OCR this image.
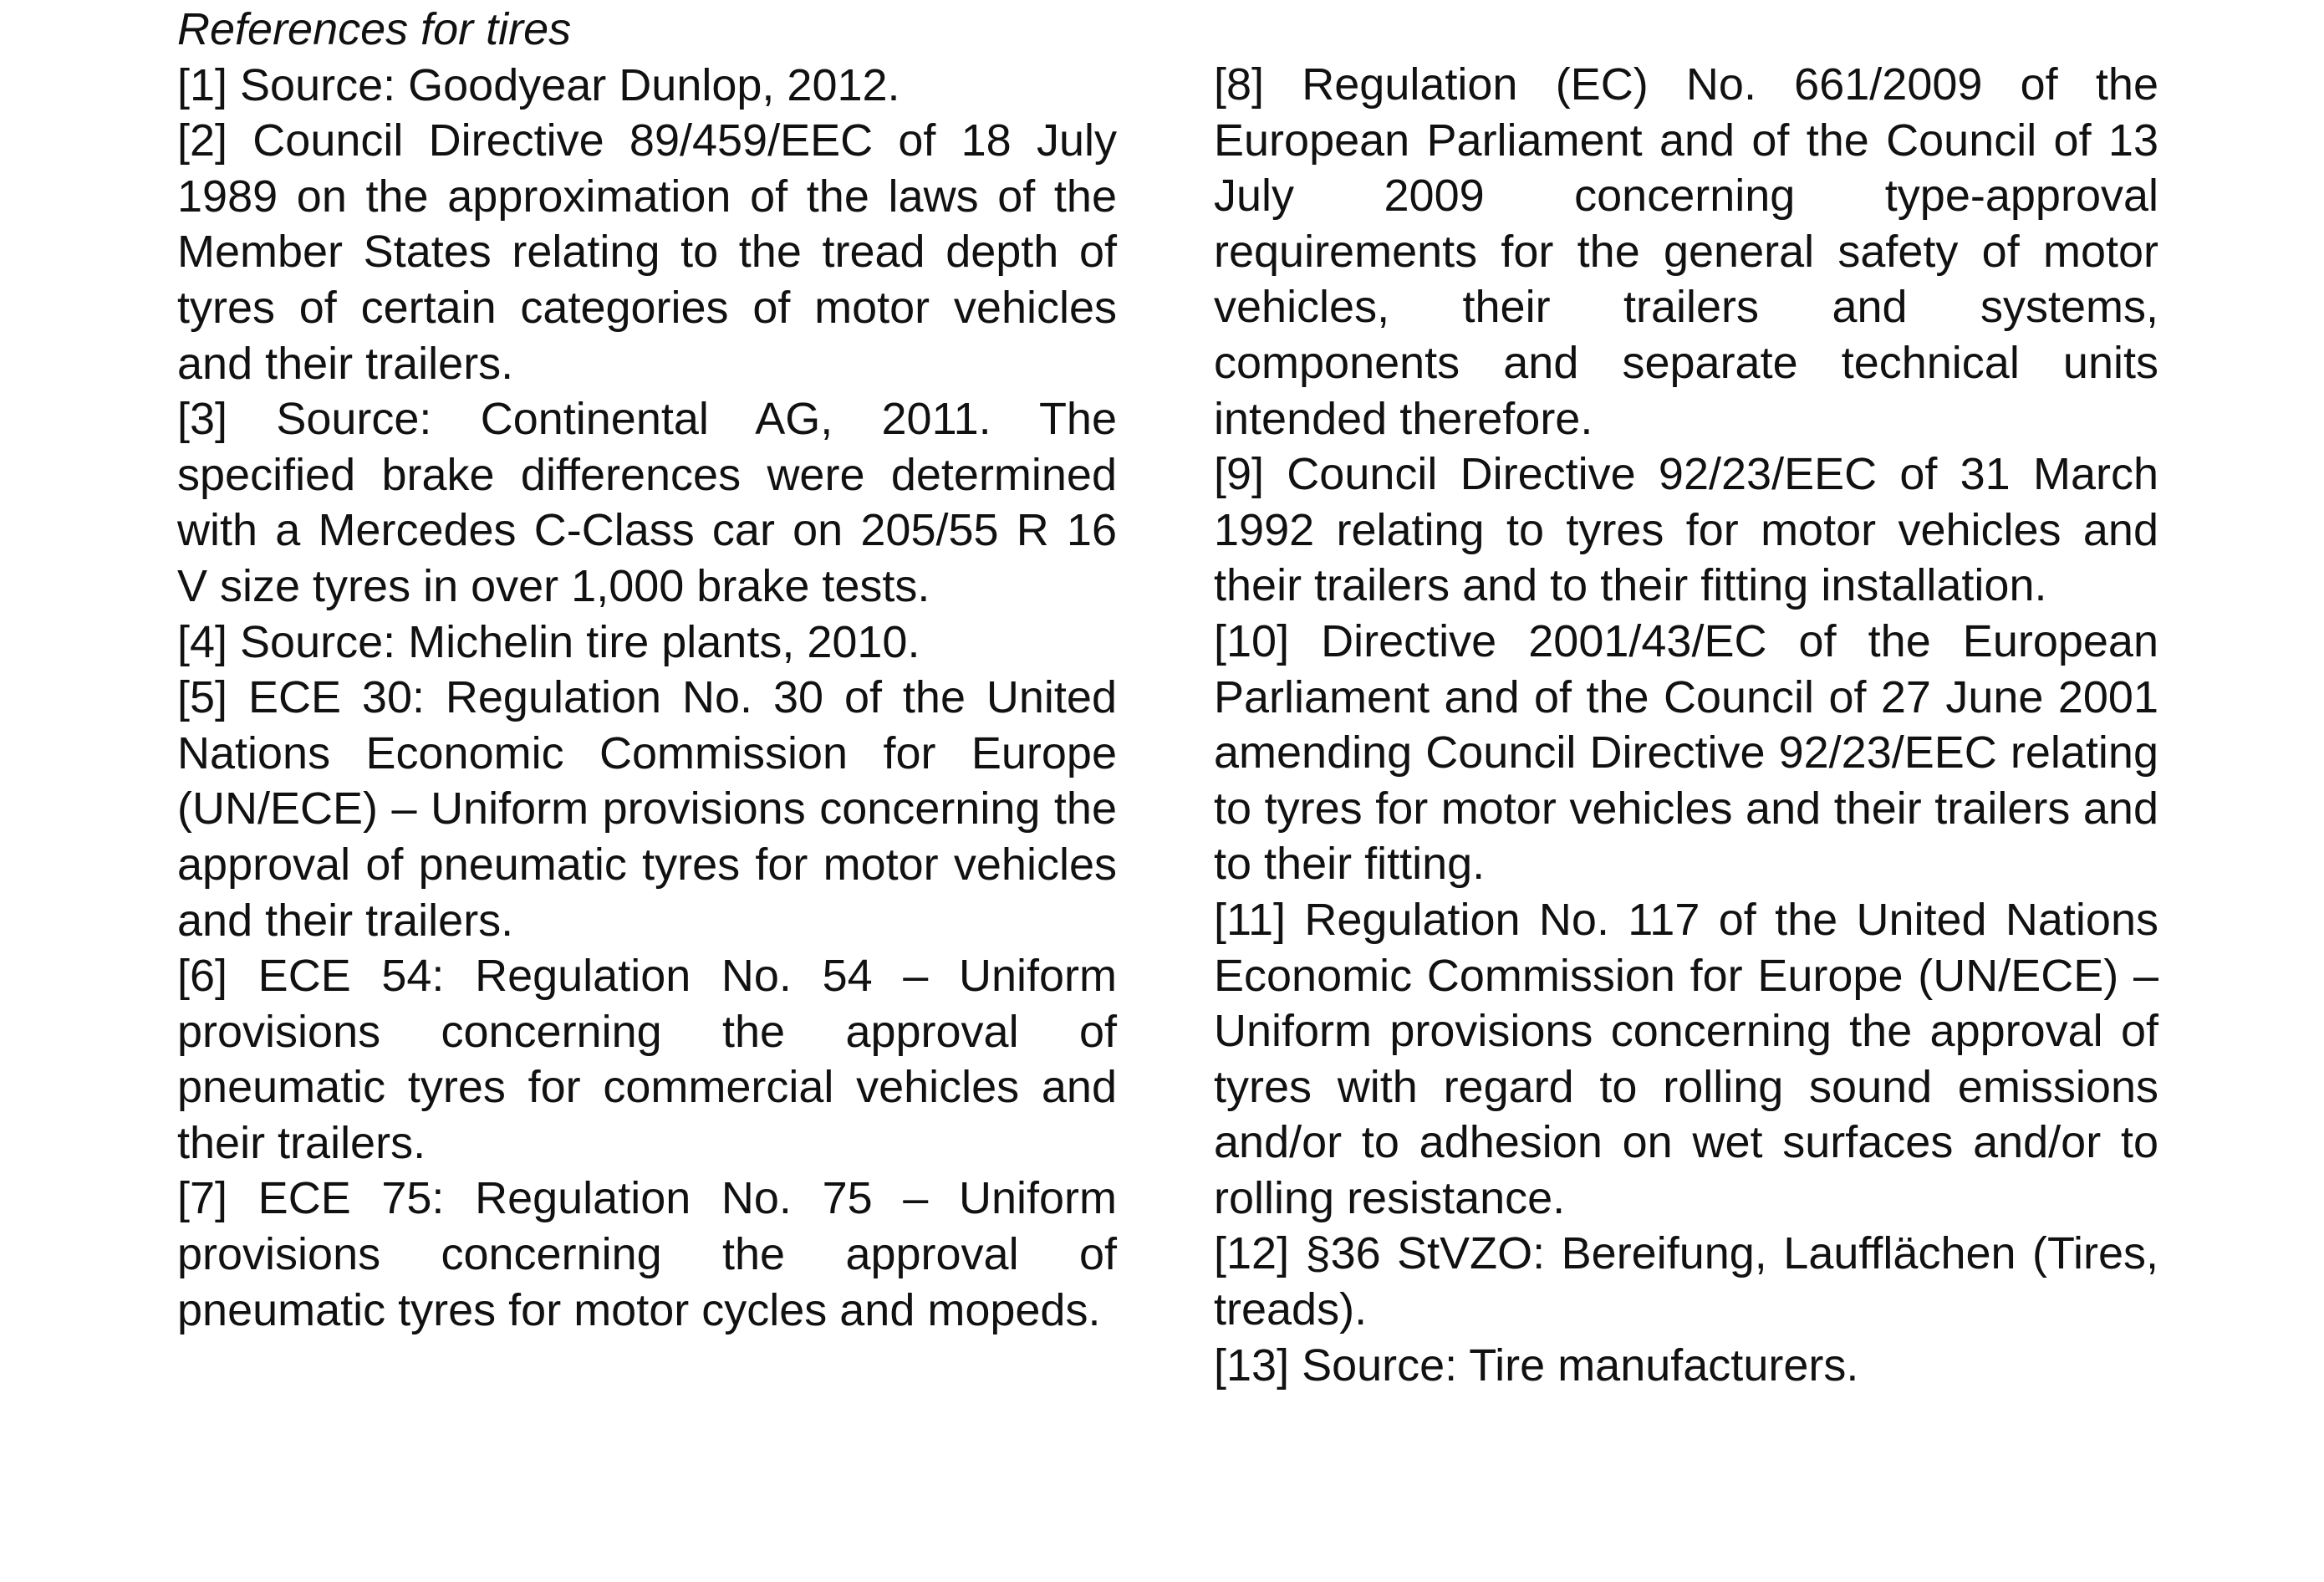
References for tires

[1] Source: Goodyear Dunlop, 2012.

[2] Council Directive 89/459/EEC of 18 July 1989 on the approximation of the laws of the Member States relating to the tread depth of tyres of certain categories of motor vehicles and their trailers.

[3] Source: Continental AG, 2011. The specified brake differences were determined with a Mercedes C-Class car on 205/55 R 16 V size tyres in over 1,000 brake tests.

[4] Source: Michelin tire plants, 2010.

[5] ECE 30: Regulation No. 30 of the United Nations Economic Commission for Europe (UN/ECE) – Uniform provisions concerning the approval of pneumatic tyres for motor vehicles and their trailers.

[6] ECE 54: Regulation No. 54 – Uniform provisions concerning the approval of pneumatic tyres for commercial vehicles and their trailers.

[7] ECE 75: Regulation No. 75 – Uniform provisions concerning the approval of pneumatic tyres for motor cycles and mopeds.

[8] Regulation (EC) No. 661/2009 of the European Parliament and of the Council of 13 July 2009 concerning type-approval requirements for the general safety of motor vehicles, their trailers and systems, components and separate technical units intended therefore.

[9] Council Directive 92/23/EEC of 31 March 1992 relating to tyres for motor vehicles and their trailers and to their fitting installation.

[10] Directive 2001/43/EC of the European Parliament and of the Council of 27 June 2001 amending Council Directive 92/23/EEC relating to tyres for motor vehicles and their trailers and to their fitting.

[11] Regulation No. 117 of the United Nations Economic Commission for Europe (UN/ECE) – Uniform provisions concerning the approval of tyres with regard to rolling sound emissions and/or to adhesion on wet surfaces and/or to rolling resistance.

[12] §36 StVZO: Bereifung, Laufflächen (Tires, treads).

[13] Source: Tire manufacturers.
